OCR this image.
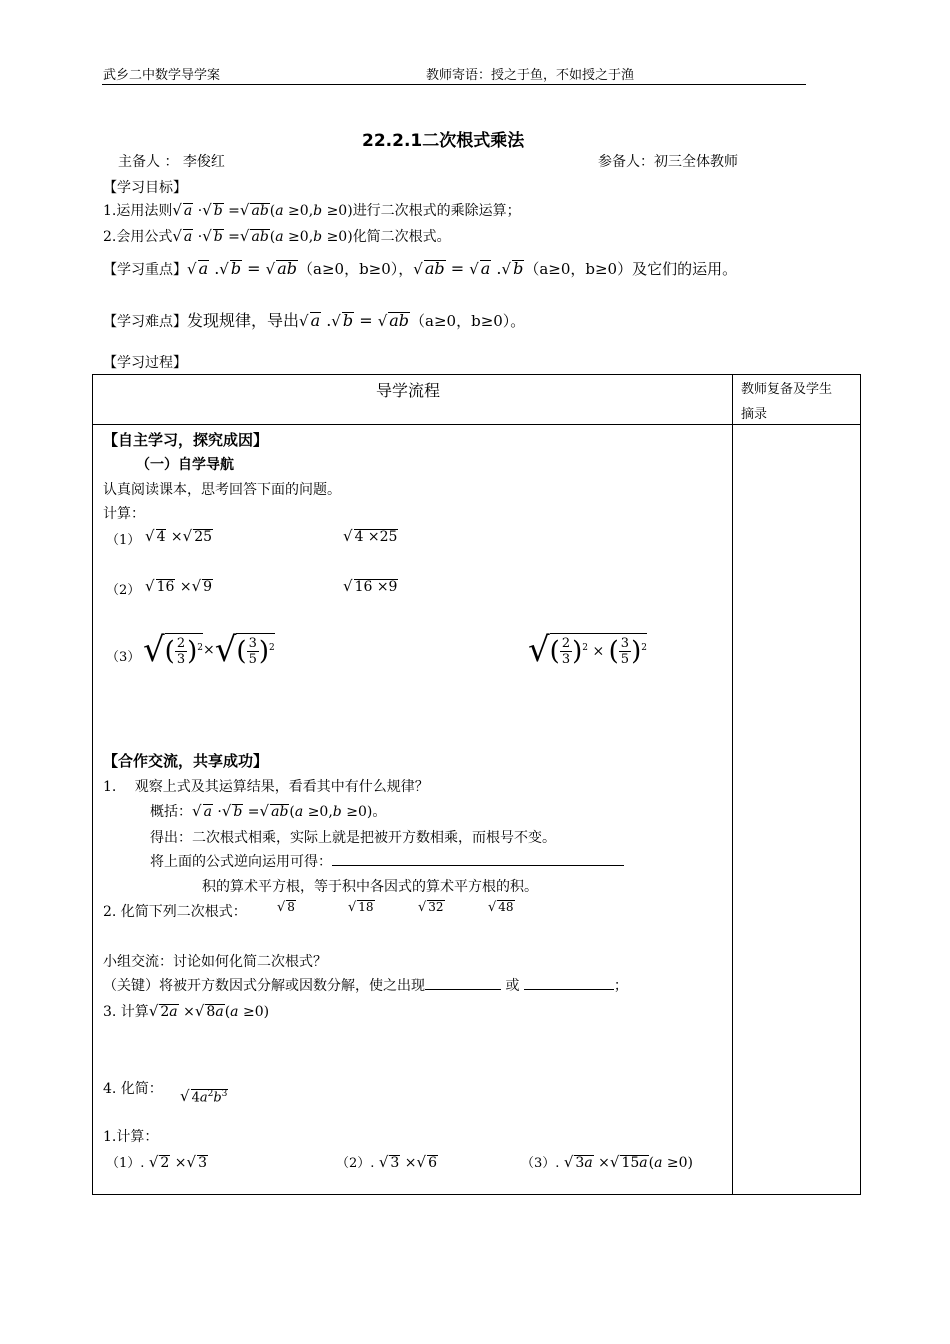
武乡二中数学导学案	教师寄语：授之于鱼，不如授之于渔
22.2.1二次根式乘法
主备人 ： 李俊红	参备人：初三全体教师
【学习目标】
1.运用法则√ a ·√ b =√ ab(a ≥0,b ≥0)进行二次根式的乘除运算；
2.会用公式√ a ·√ b =√ ab(a ≥0,b ≥0)化简二次根式。
【学习重点】√ a .√ b = √ ab（a≥0，b≥0），√ ab = √ a .√ b（a≥0，b≥0）及它们的运用。
【学习难点】发现规律，导出√ a .√ b = √ ab（a≥0，b≥0）。
【学习过程】
导学流程	教师复备及学生
摘录
【自主学习，探究成因】
（一）自学导航
认真阅读课本，思考回答下面的问题。
计算：
（1） √ 4 ×√ 25	√ 4 ×25
（2） √ 16 ×√ 9	√ 16 ×9
（3） √( $\frac{2}{3} )^2\times√( \frac{3}{5} )^2$	√( $\frac{2}{3} )^2$ × ( $\frac{3}{5} )^2$
【合作交流，共享成功】
1.　 观察上式及其运算结果，看看其中有什么规律？
概括：√ a ·√ b =√ ab(a ≥0,b ≥0)。
得出：二次根式相乘，实际上就是把被开方数相乘，而根号不变。
将上面的公式逆向运用可得：
积的算术平方根，等于积中各因式的算术平方根的积。
2. 化简下列二次根式： √ 8	√ 18	√ 32	√ 48
小组交流：讨论如何化简二次根式？
（关键）将被开方数因式分解或因数分解，使之出现	或	；
3. 计算√ 2a ×√ 8a(a ≥0)
4. 化简： √ $4a^2b^3$
1.计算：
（1）. √ 2 ×√ 3	（2）. √ 3 ×√ 6	（3）. √ 3a ×√ 15a(a ≥0)
